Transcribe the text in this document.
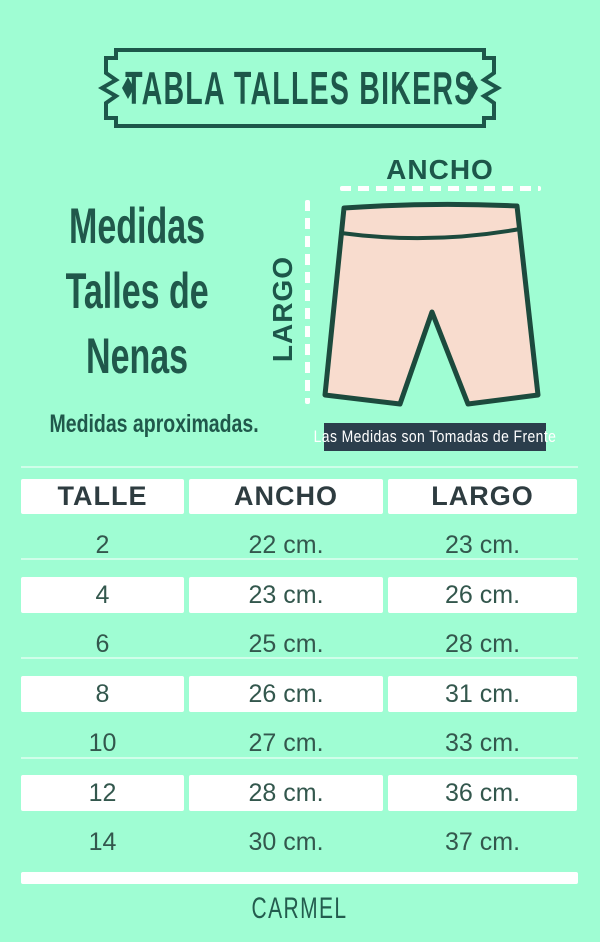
TABLA TALLES BIKERS
Medidas
Talles de
Nenas
Medidas aproximadas.
ANCHO
LARGO
Las Medidas son Tomadas de Frente
TALLE	ANCHO	LARGO
2	22 cm.	23 cm.
4	23 cm.	26 cm.
6	25 cm.	28 cm.
8	26 cm.	31 cm.
10	27 cm.	33 cm.
12	28 cm.	36 cm.
14	30 cm.	37 cm.
CARMEL
